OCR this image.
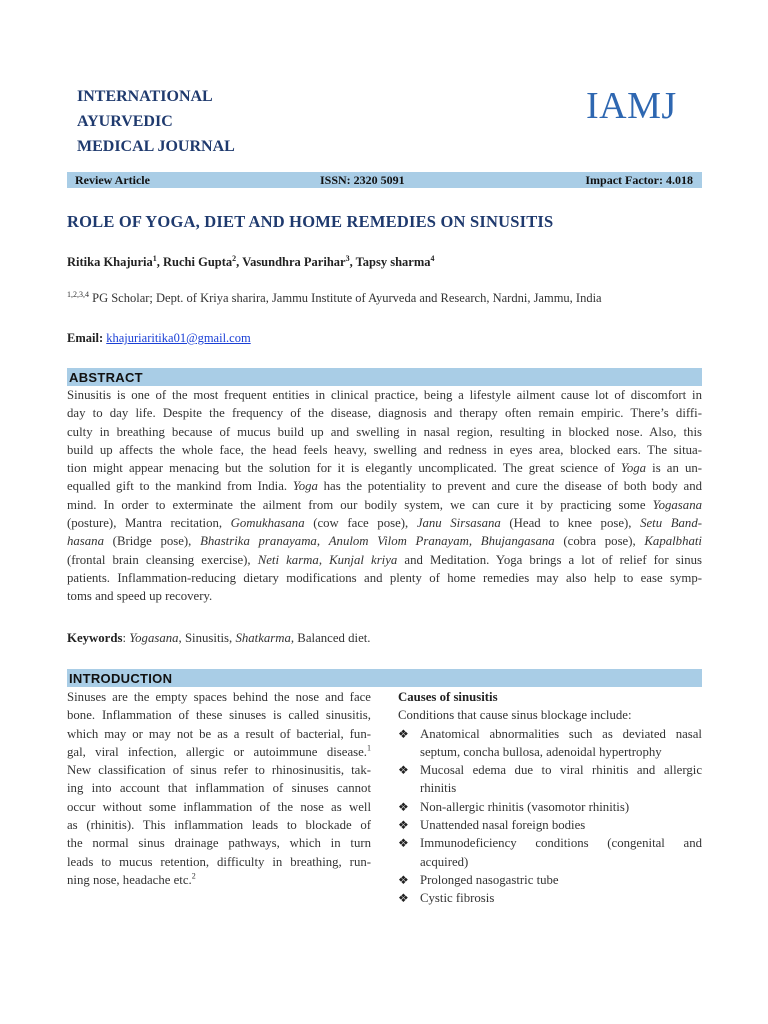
INTERNATIONAL
AYURVEDIC
MEDICAL JOURNAL
IAMJ
Review Article	ISSN: 2320 5091	Impact Factor: 4.018
ROLE OF YOGA, DIET AND HOME REMEDIES ON SINUSITIS
Ritika Khajuria$^1$, Ruchi Gupta$^2$, Vasundhra Parihar$^3$, Tapsy sharma$^4$
$^{1,2,3,4}$ PG Scholar; Dept. of Kriya sharira, Jammu Institute of Ayurveda and Research, Nardni, Jammu, India
Email: khajuriaritika01@gmail.com
ABSTRACT
Sinusitis is one of the most frequent entities in clinical practice, being a lifestyle ailment cause lot of discomfort in
day to day life. Despite the frequency of the disease, diagnosis and therapy often remain empiric. There’s diffi-
culty in breathing because of mucus build up and swelling in nasal region, resulting in blocked nose. Also, this
build up affects the whole face, the head feels heavy, swelling and redness in eyes area, blocked ears. The situa-
tion might appear menacing but the solution for it is elegantly uncomplicated. The great science of Yoga is an un-
equalled gift to the mankind from India. Yoga has the potentiality to prevent and cure the disease of both body and
mind. In order to exterminate the ailment from our bodily system, we can cure it by practicing some Yogasana
(posture), Mantra recitation, Gomukhasana (cow face pose), Janu Sirsasana (Head to knee pose), Setu Band-
hasana (Bridge pose), Bhastrika pranayama, Anulom Vilom Pranayam, Bhujangasana (cobra pose), Kapalbhati
(frontal brain cleansing exercise), Neti karma, Kunjal kriya and Meditation. Yoga brings a lot of relief for sinus
patients. Inflammation-reducing dietary modifications and plenty of home remedies may also help to ease symp-
toms and speed up recovery.
Keywords: Yogasana, Sinusitis, Shatkarma, Balanced diet.
INTRODUCTION
Sinuses are the empty spaces behind the nose and face
bone. Inflammation of these sinuses is called sinusitis,
which may or may not be as a result of bacterial, fun-
gal, viral infection, allergic or autoimmune disease.$^1$
New classification of sinus refer to rhinosinusitis, tak-
ing into account that inflammation of sinuses cannot
occur without some inflammation of the nose as well
as (rhinitis). This inflammation leads to blockade of
the normal sinus drainage pathways, which in turn
leads to mucus retention, difficulty in breathing, run-
ning nose, headache etc.$^2$
Causes of sinusitis
Conditions that cause sinus blockage include:
❖ Anatomical abnormalities such as deviated nasal
septum, concha bullosa, adenoidal hypertrophy
❖ Mucosal edema due to viral rhinitis and allergic
rhinitis
❖ Non-allergic rhinitis (vasomotor rhinitis)
❖ Unattended nasal foreign bodies
❖ Immunodeficiency conditions (congenital and
acquired)
❖ Prolonged nasogastric tube
❖ Cystic fibrosis
